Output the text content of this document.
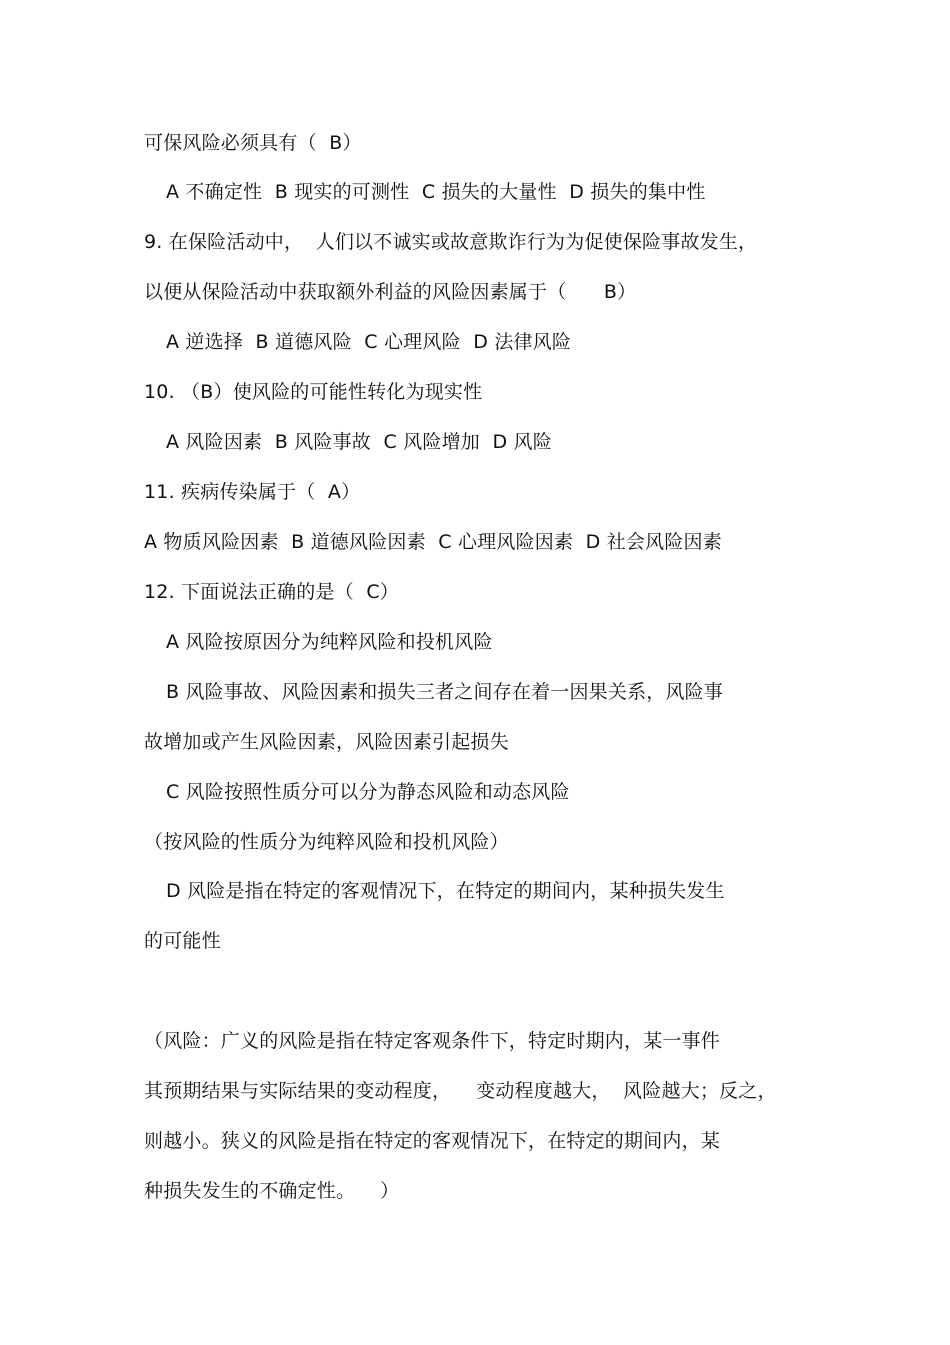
可保风险必须具有（  B）
A 不确定性  B 现实的可测性  C 损失的大量性  D 损失的集中性
9. 在保险活动中，  人们以不诚实或故意欺诈行为为促使保险事故发生，
以便从保险活动中获取额外利益的风险因素属于（      B）
A 逆选择  B 道德风险  C 心理风险  D 法律风险
10. （B）使风险的可能性转化为现实性
A 风险因素  B 风险事故  C 风险增加  D 风险
11. 疾病传染属于（  A）
A 物质风险因素  B 道德风险因素  C 心理风险因素  D 社会风险因素
12. 下面说法正确的是（  C）
A 风险按原因分为纯粹风险和投机风险
B 风险事故、风险因素和损失三者之间存在着一因果关系，风险事
故增加或产生风险因素，风险因素引起损失
C 风险按照性质分可以分为静态风险和动态风险
（按风险的性质分为纯粹风险和投机风险）
D 风险是指在特定的客观情况下，在特定的期间内，某种损失发生
的可能性
（风险：广义的风险是指在特定客观条件下，特定时期内，某一事件
其预期结果与实际结果的变动程度，    变动程度越大，  风险越大；反之，
则越小。狭义的风险是指在特定的客观情况下，在特定的期间内，某
种损失发生的不确定性。    ）
